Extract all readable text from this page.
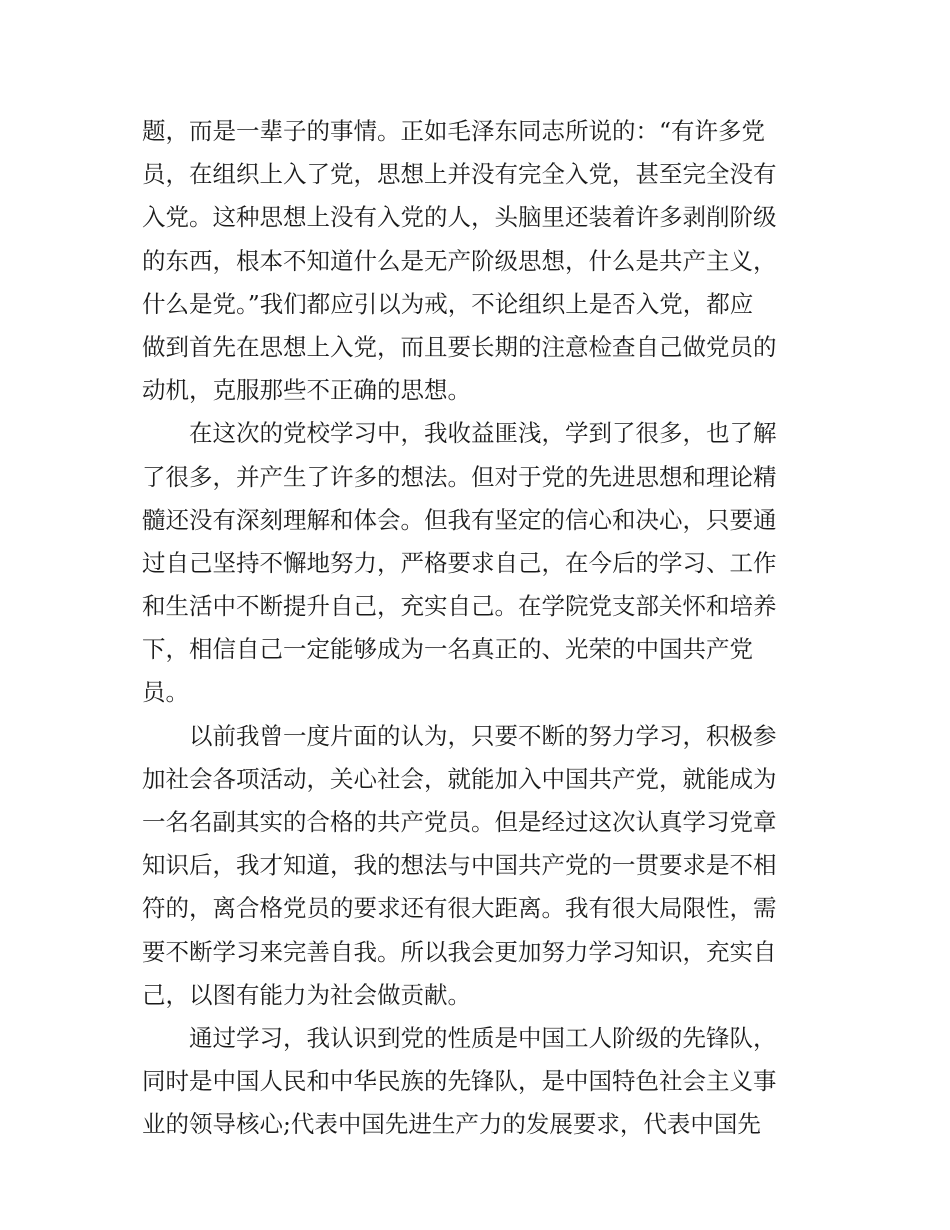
题，而是一辈子的事情。正如毛泽东同志所说的：“有许多党
员，在组织上入了党，思想上并没有完全入党，甚至完全没有
入党。这种思想上没有入党的人，头脑里还装着许多剥削阶级
的东西，根本不知道什么是无产阶级思想，什么是共产主义，
什么是党。”我们都应引以为戒，不论组织上是否入党，都应
做到首先在思想上入党，而且要长期的注意检查自己做党员的
动机，克服那些不正确的思想。
在这次的党校学习中，我收益匪浅，学到了很多，也了解
了很多，并产生了许多的想法。但对于党的先进思想和理论精
髓还没有深刻理解和体会。但我有坚定的信心和决心，只要通
过自己坚持不懈地努力，严格要求自己，在今后的学习、工作
和生活中不断提升自己，充实自己。在学院党支部关怀和培养
下，相信自己一定能够成为一名真正的、光荣的中国共产党
员。
以前我曾一度片面的认为，只要不断的努力学习，积极参
加社会各项活动，关心社会，就能加入中国共产党，就能成为
一名名副其实的合格的共产党员。但是经过这次认真学习党章
知识后，我才知道，我的想法与中国共产党的一贯要求是不相
符的，离合格党员的要求还有很大距离。我有很大局限性，需
要不断学习来完善自我。所以我会更加努力学习知识，充实自
己，以图有能力为社会做贡献。
通过学习，我认识到党的性质是中国工人阶级的先锋队，
同时是中国人民和中华民族的先锋队，是中国特色社会主义事
业的领导核心;代表中国先进生产力的发展要求，代表中国先
